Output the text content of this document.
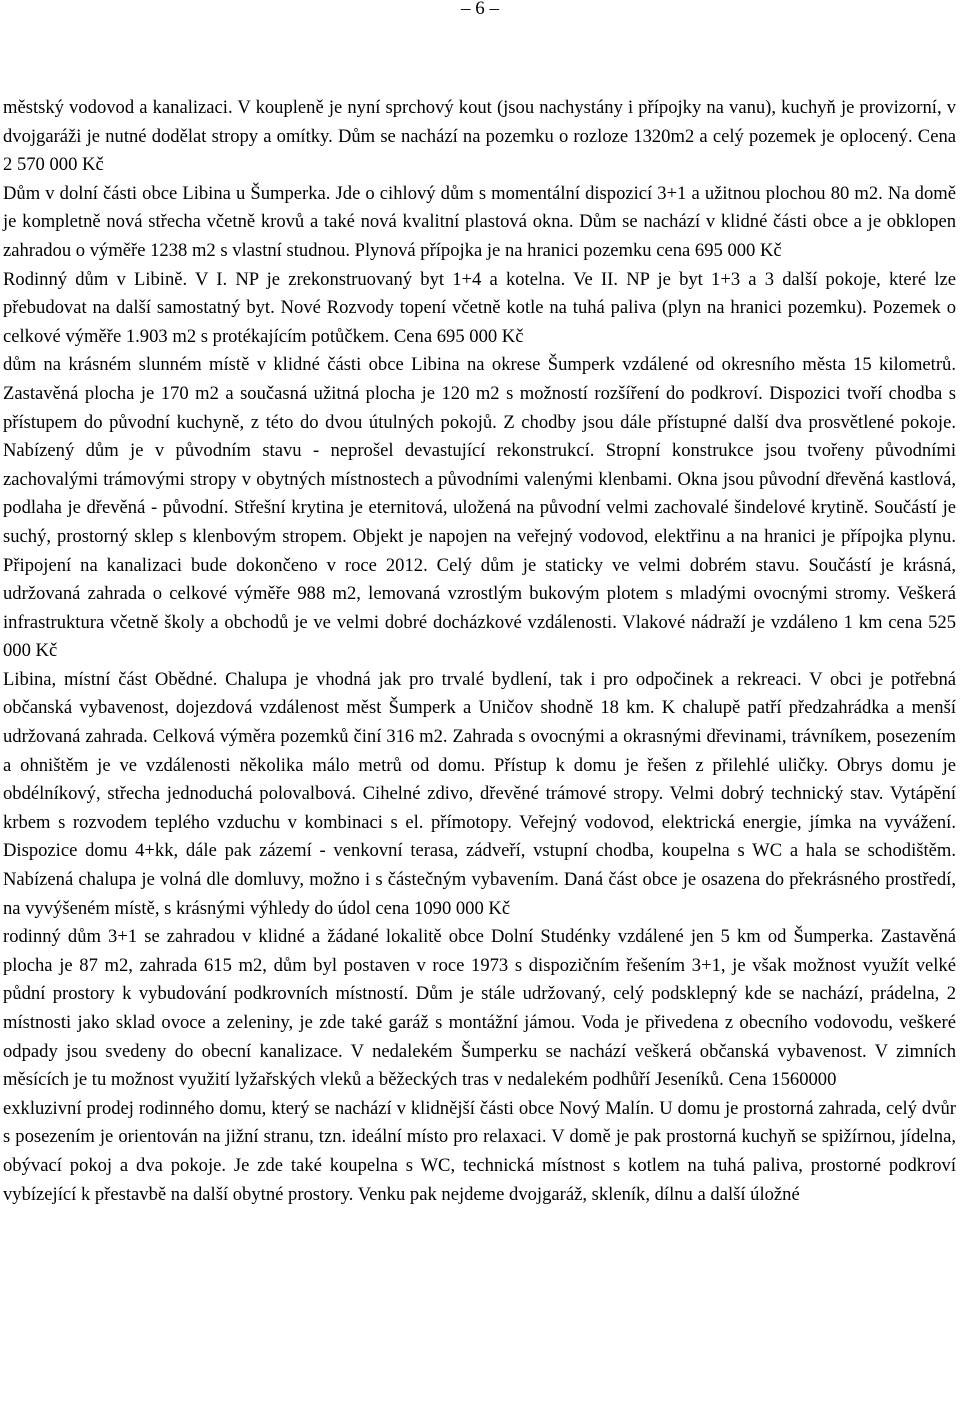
– 6 –

městský vodovod a kanalizaci. V koupleně je nyní sprchový kout (jsou nachystány i přípojky na vanu), kuchyň je provizorní, v dvojgaráži je nutné dodělat stropy a omítky. Dům se nachází na pozemku o rozloze 1320m2 a celý pozemek je oplocený. Cena 2 570 000 Kč

Dům v dolní části obce Libina u Šumperka. Jde o cihlový dům s momentální dispozicí 3+1 a užitnou plochou 80 m2. Na domě je kompletně nová střecha včetně krovů a také nová kvalitní plastová okna. Dům se nachází v klidné části obce a je obklopen zahradou o výměře 1238 m2 s vlastní studnou. Plynová přípojka je na hranici pozemku cena 695 000 Kč

Rodinný dům v Libině. V I. NP je zrekonstruovaný byt 1+4 a kotelna. Ve II. NP je byt 1+3 a 3 další pokoje, které lze přebudovat na další samostatný byt. Nové Rozvody topení včetně kotle na tuhá paliva (plyn na hranici pozemku). Pozemek o celkové výměře 1.903 m2 s protékajícím potůčkem. Cena 695 000 Kč

dům na krásném slunném místě v klidné části obce Libina na okrese Šumperk vzdálené od okresního města 15 kilometrů. Zastavěná plocha je 170 m2 a současná užitná plocha je 120 m2 s možností rozšíření do podkroví. Dispozici tvoří chodba s přístupem do původní kuchyně, z této do dvou útulných pokojů. Z chodby jsou dále přístupné další dva prosvětlené pokoje. Nabízený dům je v původním stavu - neprošel devastující rekonstrukcí. Stropní konstrukce jsou tvořeny původními zachovalými trámovými stropy v obytných místnostech a původními valenými klenbami. Okna jsou původní dřevěná kastlová, podlaha je dřevěná - původní. Střešní krytina je eternitová, uložená na původní velmi zachovalé šindelové krytině. Součástí je suchý, prostorný sklep s klenbovým stropem. Objekt je napojen na veřejný vodovod, elektřinu a na hranici je přípojka plynu. Připojení na kanalizaci bude dokončeno v roce 2012. Celý dům je staticky ve velmi dobrém stavu. Součástí je krásná, udržovaná zahrada o celkové výměře 988 m2, lemovaná vzrostlým bukovým plotem s mladými ovocnými stromy. Veškerá infrastruktura včetně školy a obchodů je ve velmi dobré docházkové vzdálenosti. Vlakové nádraží je vzdáleno 1 km cena 525 000 Kč

Libina, místní část Obědné. Chalupa je vhodná jak pro trvalé bydlení, tak i pro odpočinek a rekreaci. V obci je potřebná občanská vybavenost, dojezdová vzdálenost měst Šumperk a Uničov shodně 18 km. K chalupě patří předzahrádka a menší udržovaná zahrada. Celková výměra pozemků činí 316 m2. Zahrada s ovocnými a okrasnými dřevinami, trávníkem, posezením a ohništěm je ve vzdálenosti několika málo metrů od domu. Přístup k domu je řešen z přilehlé uličky. Obrys domu je obdélníkový, střecha jednoduchá polovalbová. Cihelné zdivo, dřevěné trámové stropy. Velmi dobrý technický stav. Vytápění krbem s rozvodem teplého vzduchu v kombinaci s el. přímotopy. Veřejný vodovod, elektrická energie, jímka na vyvážení. Dispozice domu 4+kk, dále pak zázemí - venkovní terasa, zádveří, vstupní chodba, koupelna s WC a hala se schodištěm. Nabízená chalupa je volná dle domluvy, možno i s částečným vybavením. Daná část obce je osazena do překrásného prostředí, na vyvýšeném místě, s krásnými výhledy do údol cena 1090 000 Kč

rodinný dům 3+1 se zahradou v klidné a žádané lokalitě obce Dolní Studénky vzdálené jen 5 km od Šumperka. Zastavěná plocha je 87 m2, zahrada 615 m2, dům byl postaven v roce 1973 s dispozičním řešením 3+1, je však možnost využít velké půdní prostory k vybudování podkrovních místností. Dům je stále udržovaný, celý podsklepný kde se nachází, prádelna, 2 místnosti jako sklad ovoce a zeleniny, je zde také garáž s montážní jámou. Voda je přivedena z obecního vodovodu, veškeré odpady jsou svedeny do obecní kanalizace. V nedalekém Šumperku se nachází veškerá občanská vybavenost. V zimních měsících je tu možnost využití lyžařských vleků a běžeckých tras v nedalekém podhůří Jeseníků. Cena 1560000

exkluzivní prodej rodinného domu, který se nachází v klidnější části obce Nový Malín. U domu je prostorná zahrada, celý dvůr s posezením je orientován na jižní stranu, tzn. ideální místo pro relaxaci. V domě je pak prostorná kuchyň se spižírnou, jídelna, obývací pokoj a dva pokoje. Je zde také koupelna s WC, technická místnost s kotlem na tuhá paliva, prostorné podkroví vybízející k přestavbě na další obytné prostory. Venku pak nejdeme dvojgaráž, skleník, dílnu a další úložné
